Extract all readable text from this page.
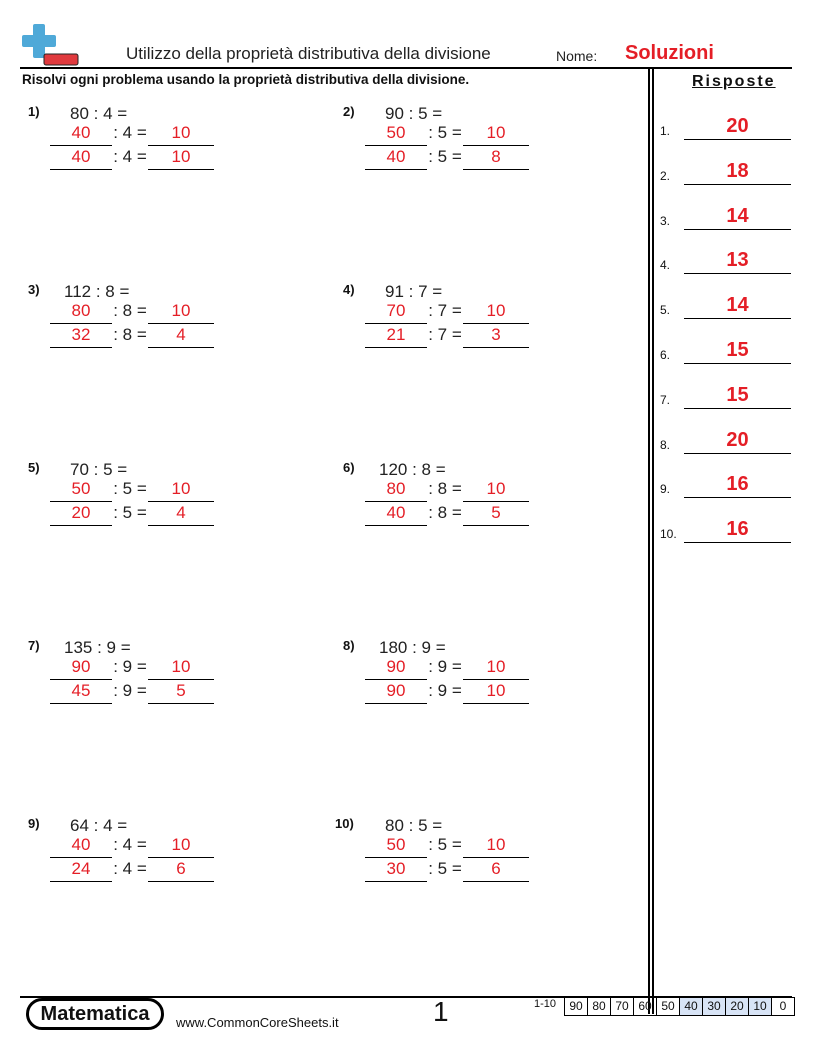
Utilizzo della proprietà distributiva della divisione	Nome: Soluzioni
Risolvi ogni problema usando la proprietà distributiva della divisione.
1) 80 : 4 =
40	: 4 =	10
40	: 4 =	10
2) 90 : 5 =
50	: 5 =	10
40	: 5 =	8
3) 112 : 8 =
80	: 8 =	10
32	: 8 =	4
4) 91 : 7 =
70	: 7 =	10
21	: 7 =	3
5) 70 : 5 =
50	: 5 =	10
20	: 5 =	4
6) 120 : 8 =
80	: 8 =	10
40	: 8 =	5
7) 135 : 9 =
90	: 9 =	10
45	: 9 =	5
8) 180 : 9 =
90	: 9 =	10
90	: 9 =	10
9) 64 : 4 =
40	: 4 =	10
24	: 4 =	6
10) 80 : 5 =
50	: 5 =	10
30	: 5 =	6
Risposte
1.	20
2.	18
3.	14
4.	13
5.	14
6.	15
7.	15
8.	20
9.	16
10.	16
Matematica	www.CommonCoreSheets.it	1	1-10	90 80 70 60 50 40 30 20 10	0
